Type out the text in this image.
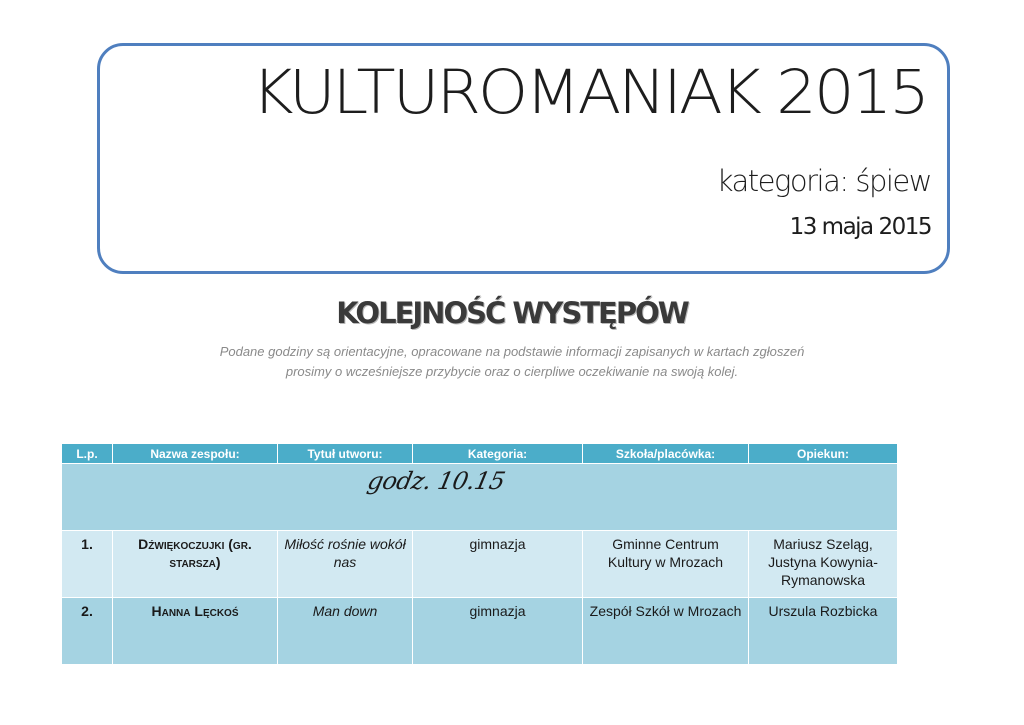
KULTUROMANIAK 2015

kategoria: śpiew

13 maja 2015

KOLEJNOŚĆ WYSTĘPÓW

Podane godziny są orientacyjne, opracowane na podstawie informacji zapisanych w kartach zgłoszeń
prosimy o wcześniejsze przybycie oraz o cierpliwe oczekiwanie na swoją kolej.

L.p.	Nazwa zespołu:	Tytuł utworu:	Kategoria:	Szkoła/placówka:	Opiekun:
godz. 10.15					
1.	Dźwiękoczujki (gr. starsza)	Miłość rośnie wokół nas	gimnazja	Gminne Centrum Kultury w Mrozach	Mariusz Szeląg, Justyna Kowynia-Rymanowska
2.	Hanna Lęckoś	Man down	gimnazja	Zespół Szkół w Mrozach	Urszula Rozbicka
